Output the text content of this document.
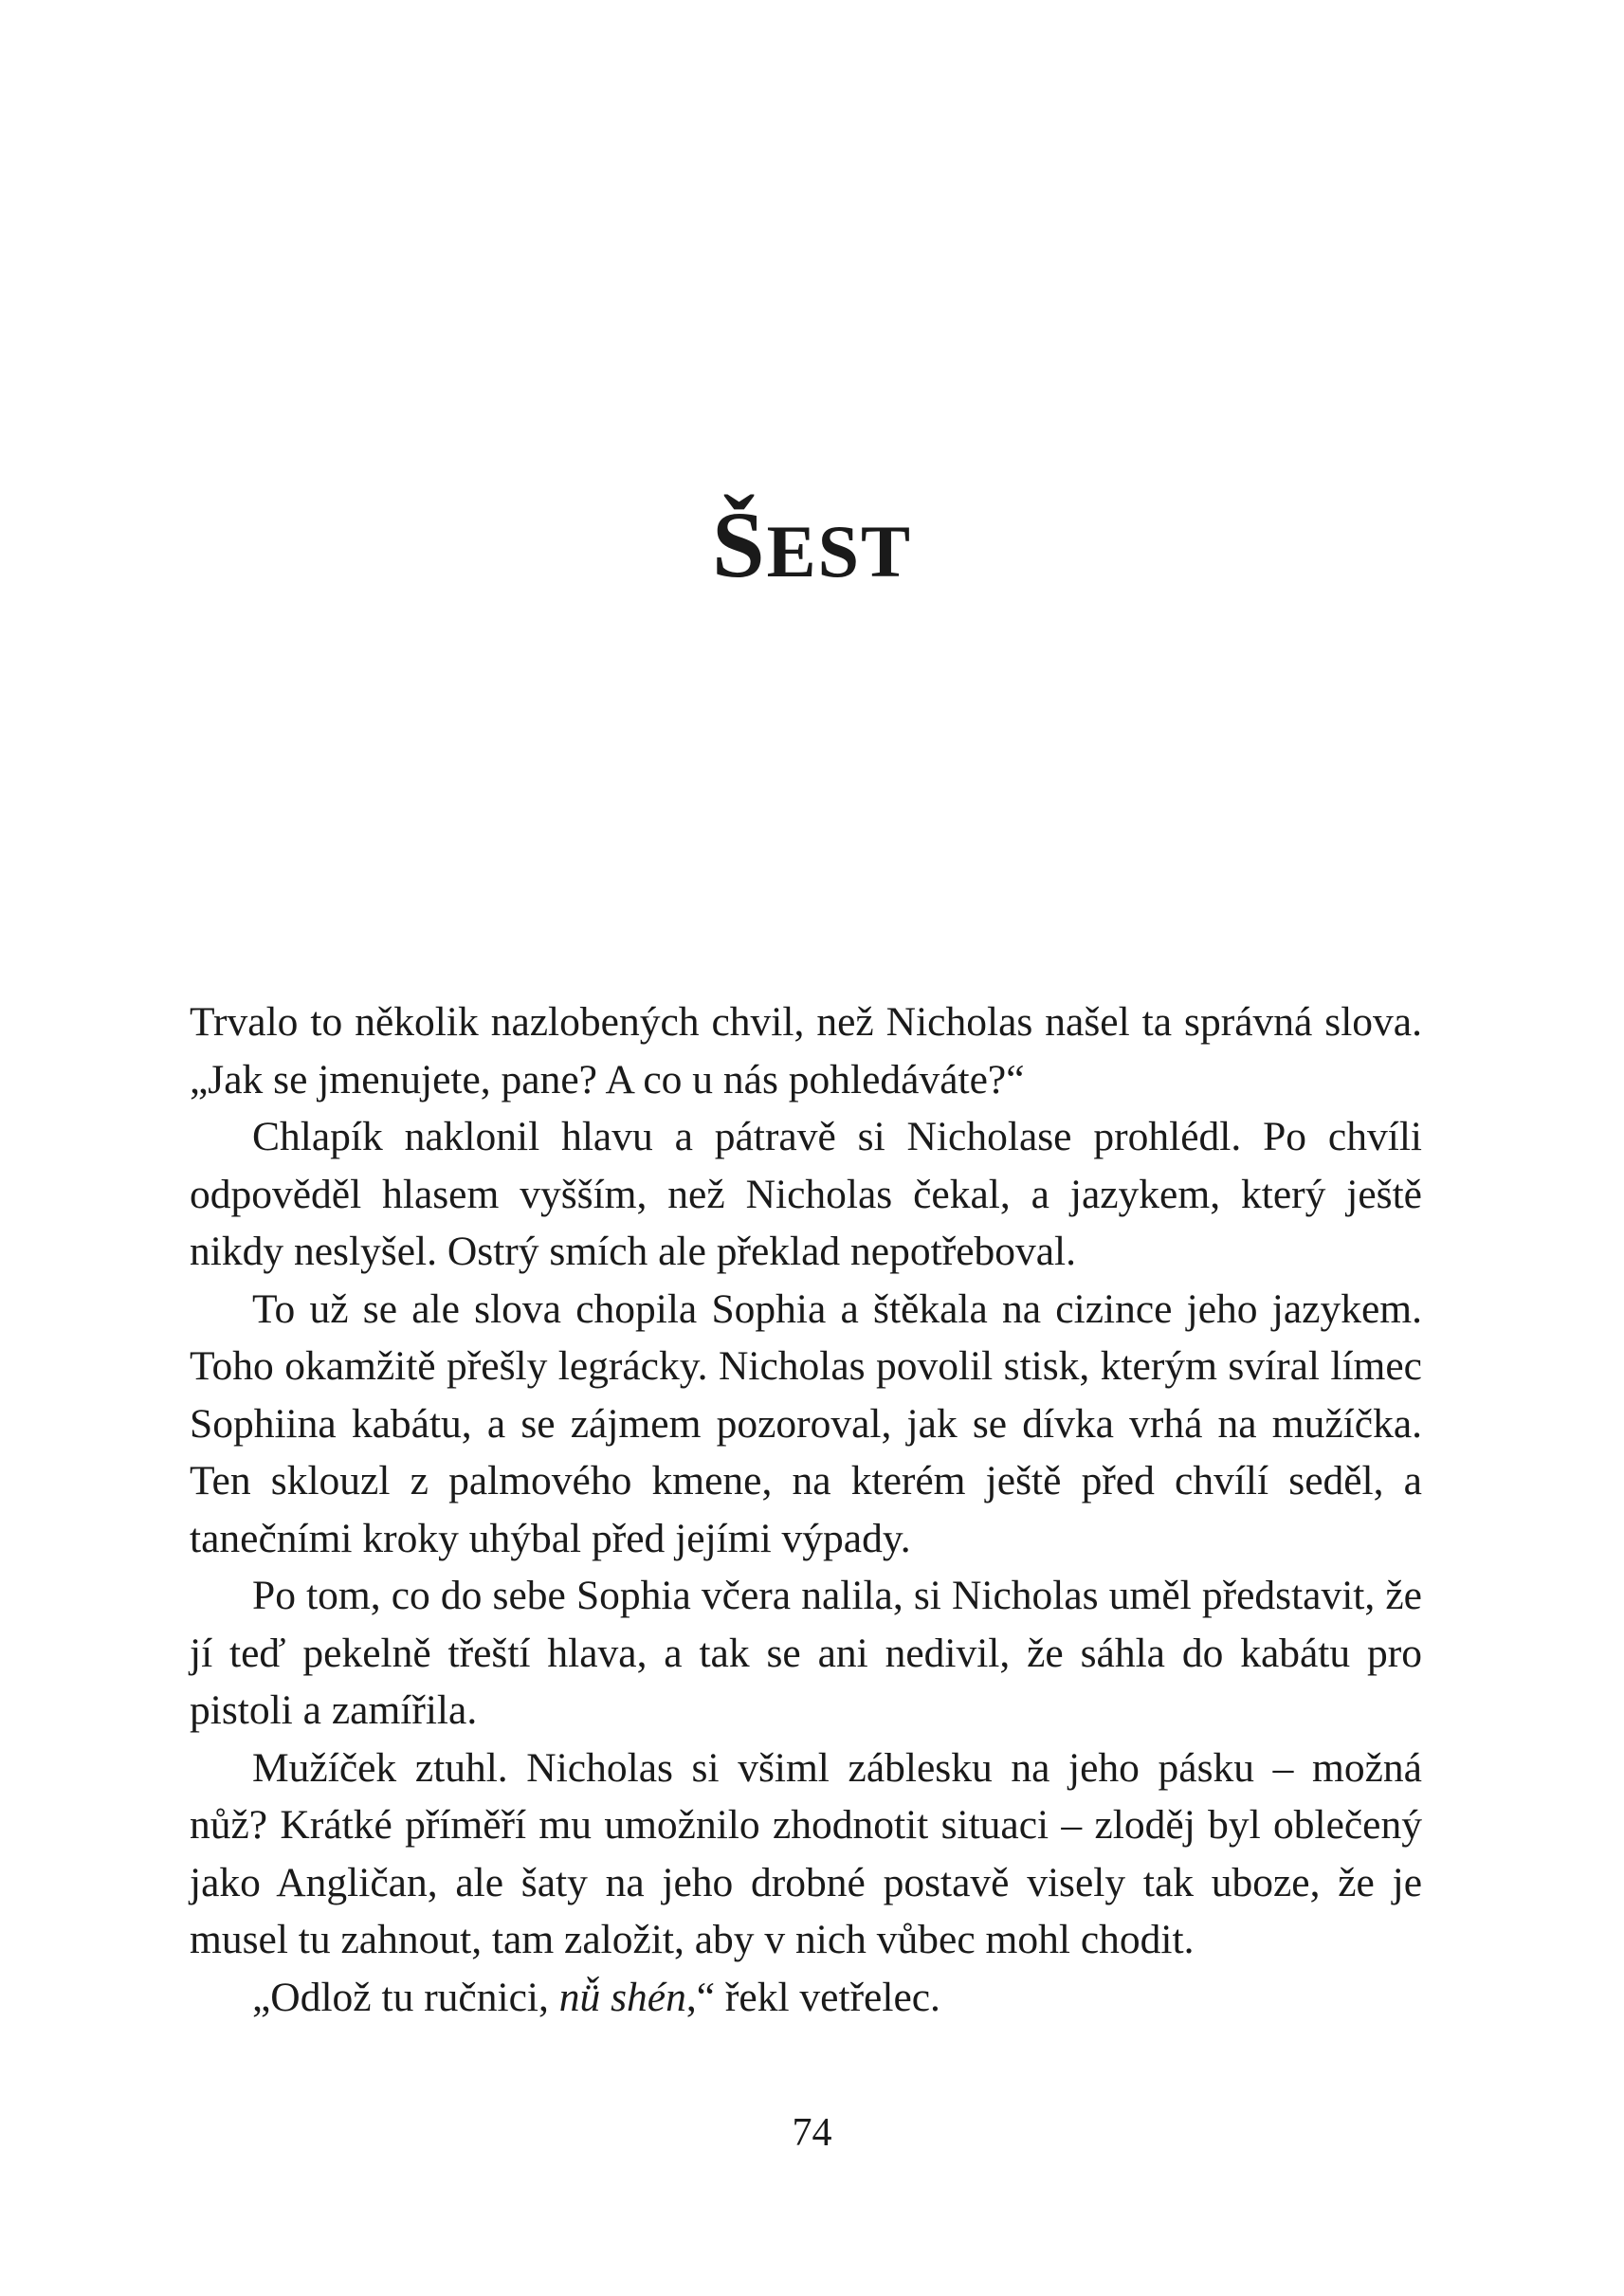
ŠEST

Trvalo to několik nazlobených chvil, než Nicholas našel ta správná slova. „Jak se jmenujete, pane? A co u nás pohledáváte?“

Chlapík naklonil hlavu a pátravě si Nicholase prohlédl. Po chvíli odpověděl hlasem vyšším, než Nicholas čekal, a jazykem, který ještě nikdy neslyšel. Ostrý smích ale překlad nepotřeboval.

To už se ale slova chopila Sophia a štěkala na cizince jeho jazykem. Toho okamžitě přešly legrácky. Nicholas povolil stisk, kterým svíral límec Sophiina kabátu, a se zájmem pozoroval, jak se dívka vrhá na mužíčka. Ten sklouzl z palmového kmene, na kterém ještě před chvílí seděl, a tanečními kroky uhýbal před jejími výpady.

Po tom, co do sebe Sophia včera nalila, si Nicholas uměl představit, že jí teď pekelně třeští hlava, a tak se ani nedivil, že sáhla do kabátu pro pistoli a zamířila.

Mužíček ztuhl. Nicholas si všiml záblesku na jeho pásku – možná nůž? Krátké příměří mu umožnilo zhodnotit situaci – zloděj byl oblečený jako Angličan, ale šaty na jeho drobné postavě visely tak uboze, že je musel tu zahnout, tam založit, aby v nich vůbec mohl chodit.

„Odlož tu ručnici, nǚ shén,“ řekl vetřelec.

74
